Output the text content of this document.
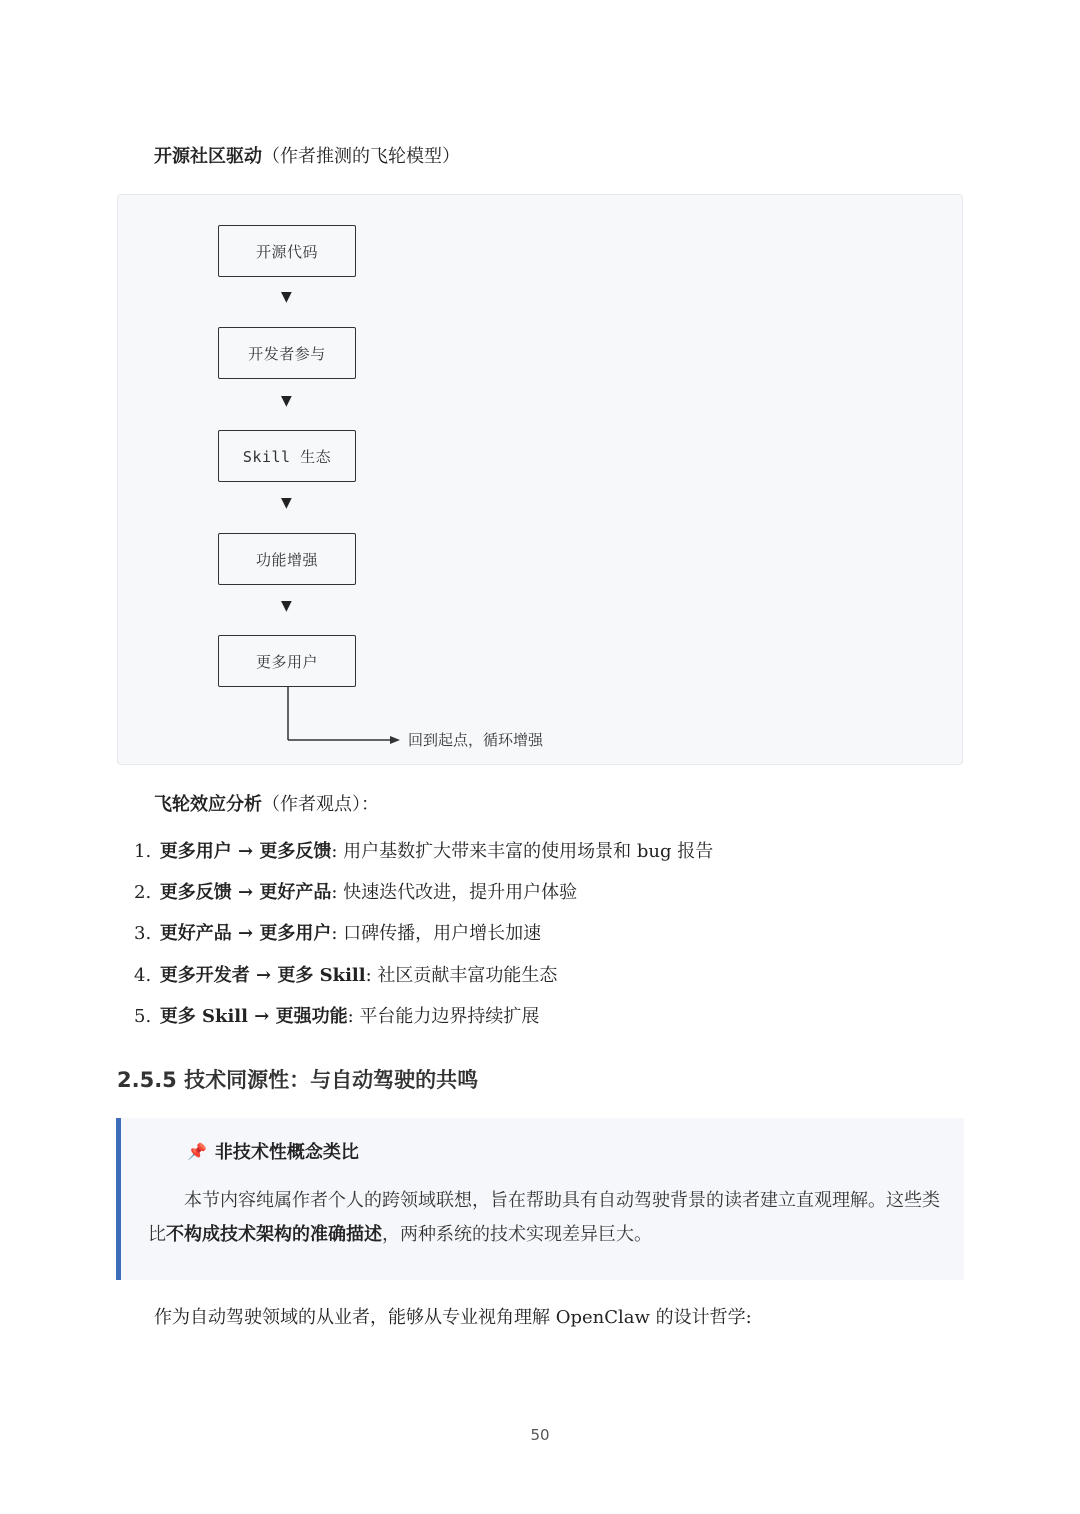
开源社区驱动（作者推测的飞轮模型）

开源代码
▼
开发者参与
▼
Skill 生态
▼
功能增强
▼
更多用户
回到起点，循环增强

飞轮效应分析（作者观点）：

1. 更多用户 → 更多反馈: 用户基数扩大带来丰富的使用场景和 bug 报告
2. 更多反馈 → 更好产品: 快速迭代改进，提升用户体验
3. 更好产品 → 更多用户: 口碑传播，用户增长加速
4. 更多开发者 → 更多 Skill: 社区贡献丰富功能生态
5. 更多 Skill → 更强功能: 平台能力边界持续扩展
2.5.5 技术同源性：与自动驾驶的共鸣
📌 非技术性概念类比
本节内容纯属作者个人的跨领域联想，旨在帮助具有自动驾驶背景的读者建立直观理解。这些类比不构成技术架构的准确描述，两种系统的技术实现差异巨大。

作为自动驾驶领域的从业者，能够从专业视角理解 OpenClaw 的设计哲学:

50
